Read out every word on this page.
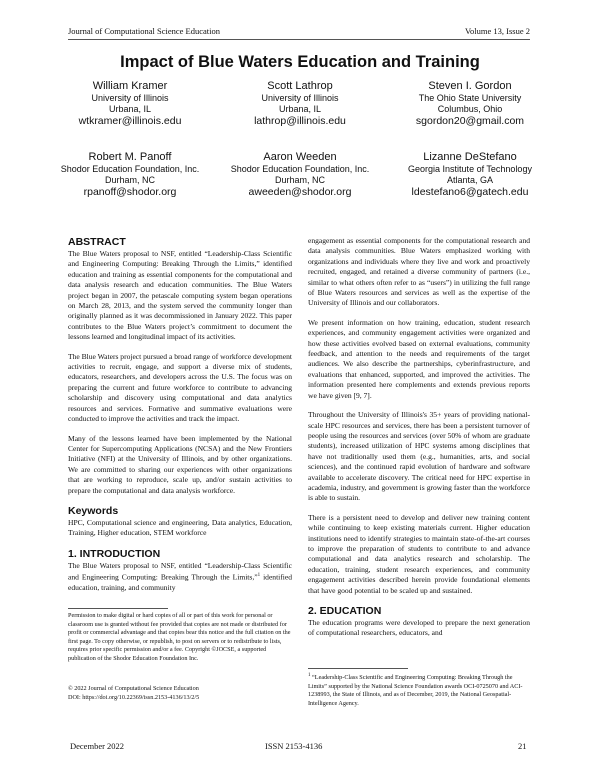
Journal of Computational Science Education	Volume 13, Issue 2
Impact of Blue Waters Education and Training
William Kramer
University of Illinois
Urbana, IL
wtkramer@illinois.edu
Scott Lathrop
University of Illinois
Urbana, IL
lathrop@illinois.edu
Steven I. Gordon
The Ohio State University
Columbus, Ohio
sgordon20@gmail.com
Robert M. Panoff
Shodor Education Foundation, Inc.
Durham, NC
rpanoff@shodor.org
Aaron Weeden
Shodor Education Foundation, Inc.
Durham, NC
aweeden@shodor.org
Lizanne DeStefano
Georgia Institute of Technology
Atlanta, GA
ldestefano6@gatech.edu
ABSTRACT

The Blue Waters proposal to NSF, entitled “Leadership-Class Scientific and Engineering Computing: Breaking Through the Limits,” identified education and training as essential components for the computational and data analysis research and education communities. The Blue Waters project began in 2007, the petascale computing system began operations on March 28, 2013, and the system served the community longer than originally planned as it was decommissioned in January 2022. This paper contributes to the Blue Waters project’s commitment to document the lessons learned and longitudinal impact of its activities.

The Blue Waters project pursued a broad range of workforce development activities to recruit, engage, and support a diverse mix of students, educators, researchers, and developers across the U.S. The focus was on preparing the current and future workforce to contribute to advancing scholarship and discovery using computational and data analytics resources and services. Formative and summative evaluations were conducted to improve the activities and track the impact.

Many of the lessons learned have been implemented by the National Center for Supercomputing Applications (NCSA) and the New Frontiers Initiative (NFI) at the University of Illinois, and by other organizations. We are committed to sharing our experiences with other organizations that are working to reproduce, scale up, and/or sustain activities to prepare the computational and data analysis workforce.

Keywords

HPC, Computational science and engineering, Data analytics, Education, Training, Higher education, STEM workforce

1. INTRODUCTION

The Blue Waters proposal to NSF, entitled “Leadership-Class Scientific and Engineering Computing: Breaking Through the Limits,”$^1$ identified education, training, and community

Permission to make digital or hard copies of all or part of this work for personal or classroom use is granted without fee provided that copies are not made or distributed for profit or commercial advantage and that copies bear this notice and the full citation on the first page. To copy otherwise, or republish, to post on servers or to redistribute to lists, requires prior specific permission and/or a fee. Copyright ©JOCSE, a supported publication of the Shodor Education Foundation Inc.
© 2022 Journal of Computational Science Education
DOI: https://doi.org/10.22369/issn.2153-4136/13/2/5

engagement as essential components for the computational research and data analysis communities. Blue Waters emphasized working with organizations and individuals where they live and work and proactively recruited, engaged, and retained a diverse community of partners (i.e., similar to what others often refer to as “users”) in utilizing the full range of Blue Waters resources and services as well as the expertise of the University of Illinois and our collaborators.

We present information on how training, education, student research experiences, and community engagement activities were organized and how these activities evolved based on external evaluations, community feedback, and attention to the needs and requirements of the target audiences. We also describe the partnerships, cyberinfrastructure, and evaluations that enhanced, supported, and improved the activities. The information presented here complements and extends previous reports we have given [9, 7].

Throughout the University of Illinois's 35+ years of providing national-scale HPC resources and services, there has been a persistent turnover of people using the resources and services (over 50% of whom are graduate students), increased utilization of HPC systems among disciplines that have not traditionally used them (e.g., humanities, arts, and social sciences), and the continued rapid evolution of hardware and software available to accelerate discovery. The critical need for HPC expertise in academia, industry, and government is growing faster than the workforce is able to sustain.

There is a persistent need to develop and deliver new training content while continuing to keep existing materials current. Higher education institutions need to identify strategies to maintain state-of-the-art courses to improve the preparation of students to contribute to and advance computational and data analytics research and scholarship. The education, training, student research experiences, and community engagement activities described herein provide foundational elements that have good potential to be scaled up and sustained.

2. EDUCATION

The education programs were developed to prepare the next generation of computational researchers, educators, and

$^1$ “Leadership-Class Scientific and Engineering Computing: Breaking Through the Limits” supported by the National Science Foundation awards OCI-0725070 and ACI-1238993, the State of Illinois, and as of December, 2019, the National Geospatial-Intelligence Agency.
December 2022	ISSN 2153-4136	21
